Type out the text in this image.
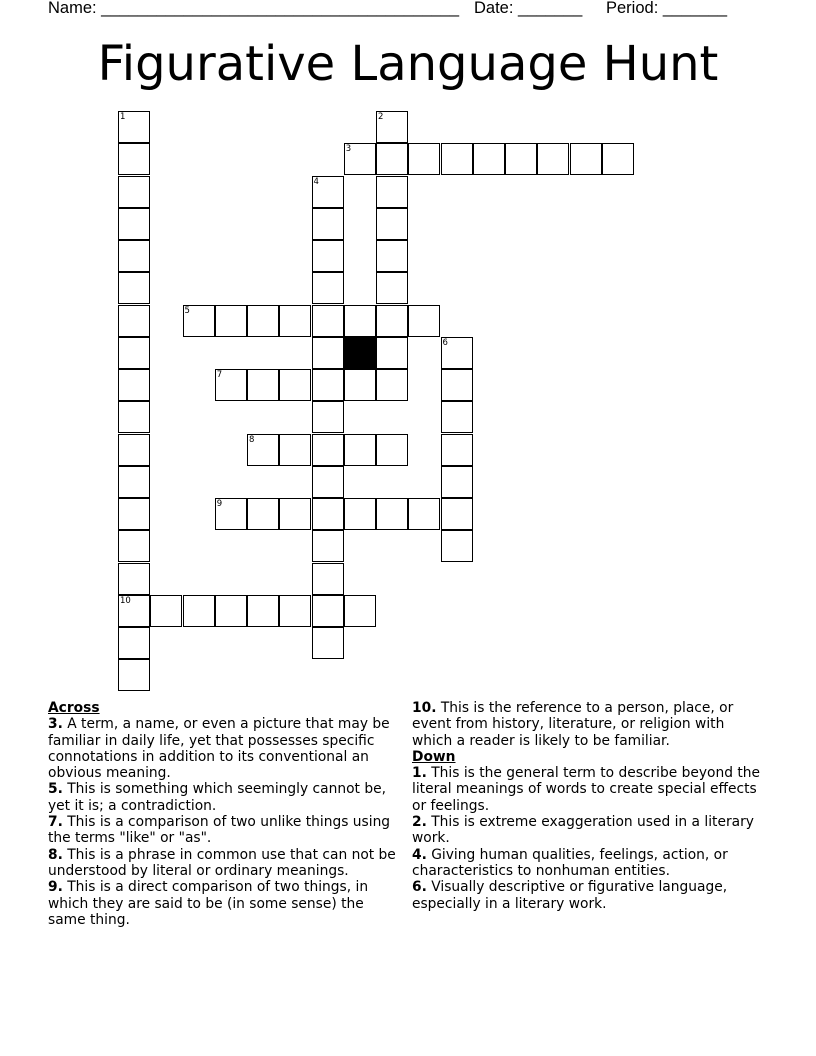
Name: _______________________________________ Date: _______ Period: _______
Figurative Language Hunt
1
10
2
3
4
5
6
7
8
9
Across

3. A term, a name, or even a picture that may be familiar in daily life, yet that possesses specific connotations in addition to its conventional an obvious meaning.

5. This is something which seemingly cannot be, yet it is; a contradiction.

7. This is a comparison of two unlike things using the terms "like" or "as".

8. This is a phrase in common use that can not be understood by literal or ordinary meanings.

9. This is a direct comparison of two things, in which they are said to be (in some sense) the same thing.

10. This is the reference to a person, place, or event from history, literature, or religion with which a reader is likely to be familiar.

Down

1. This is the general term to describe beyond the literal meanings of words to create special effects or feelings.

2. This is extreme exaggeration used in a literary work.

4. Giving human qualities, feelings, action, or characteristics to nonhuman entities.

6. Visually descriptive or figurative language, especially in a literary work.
